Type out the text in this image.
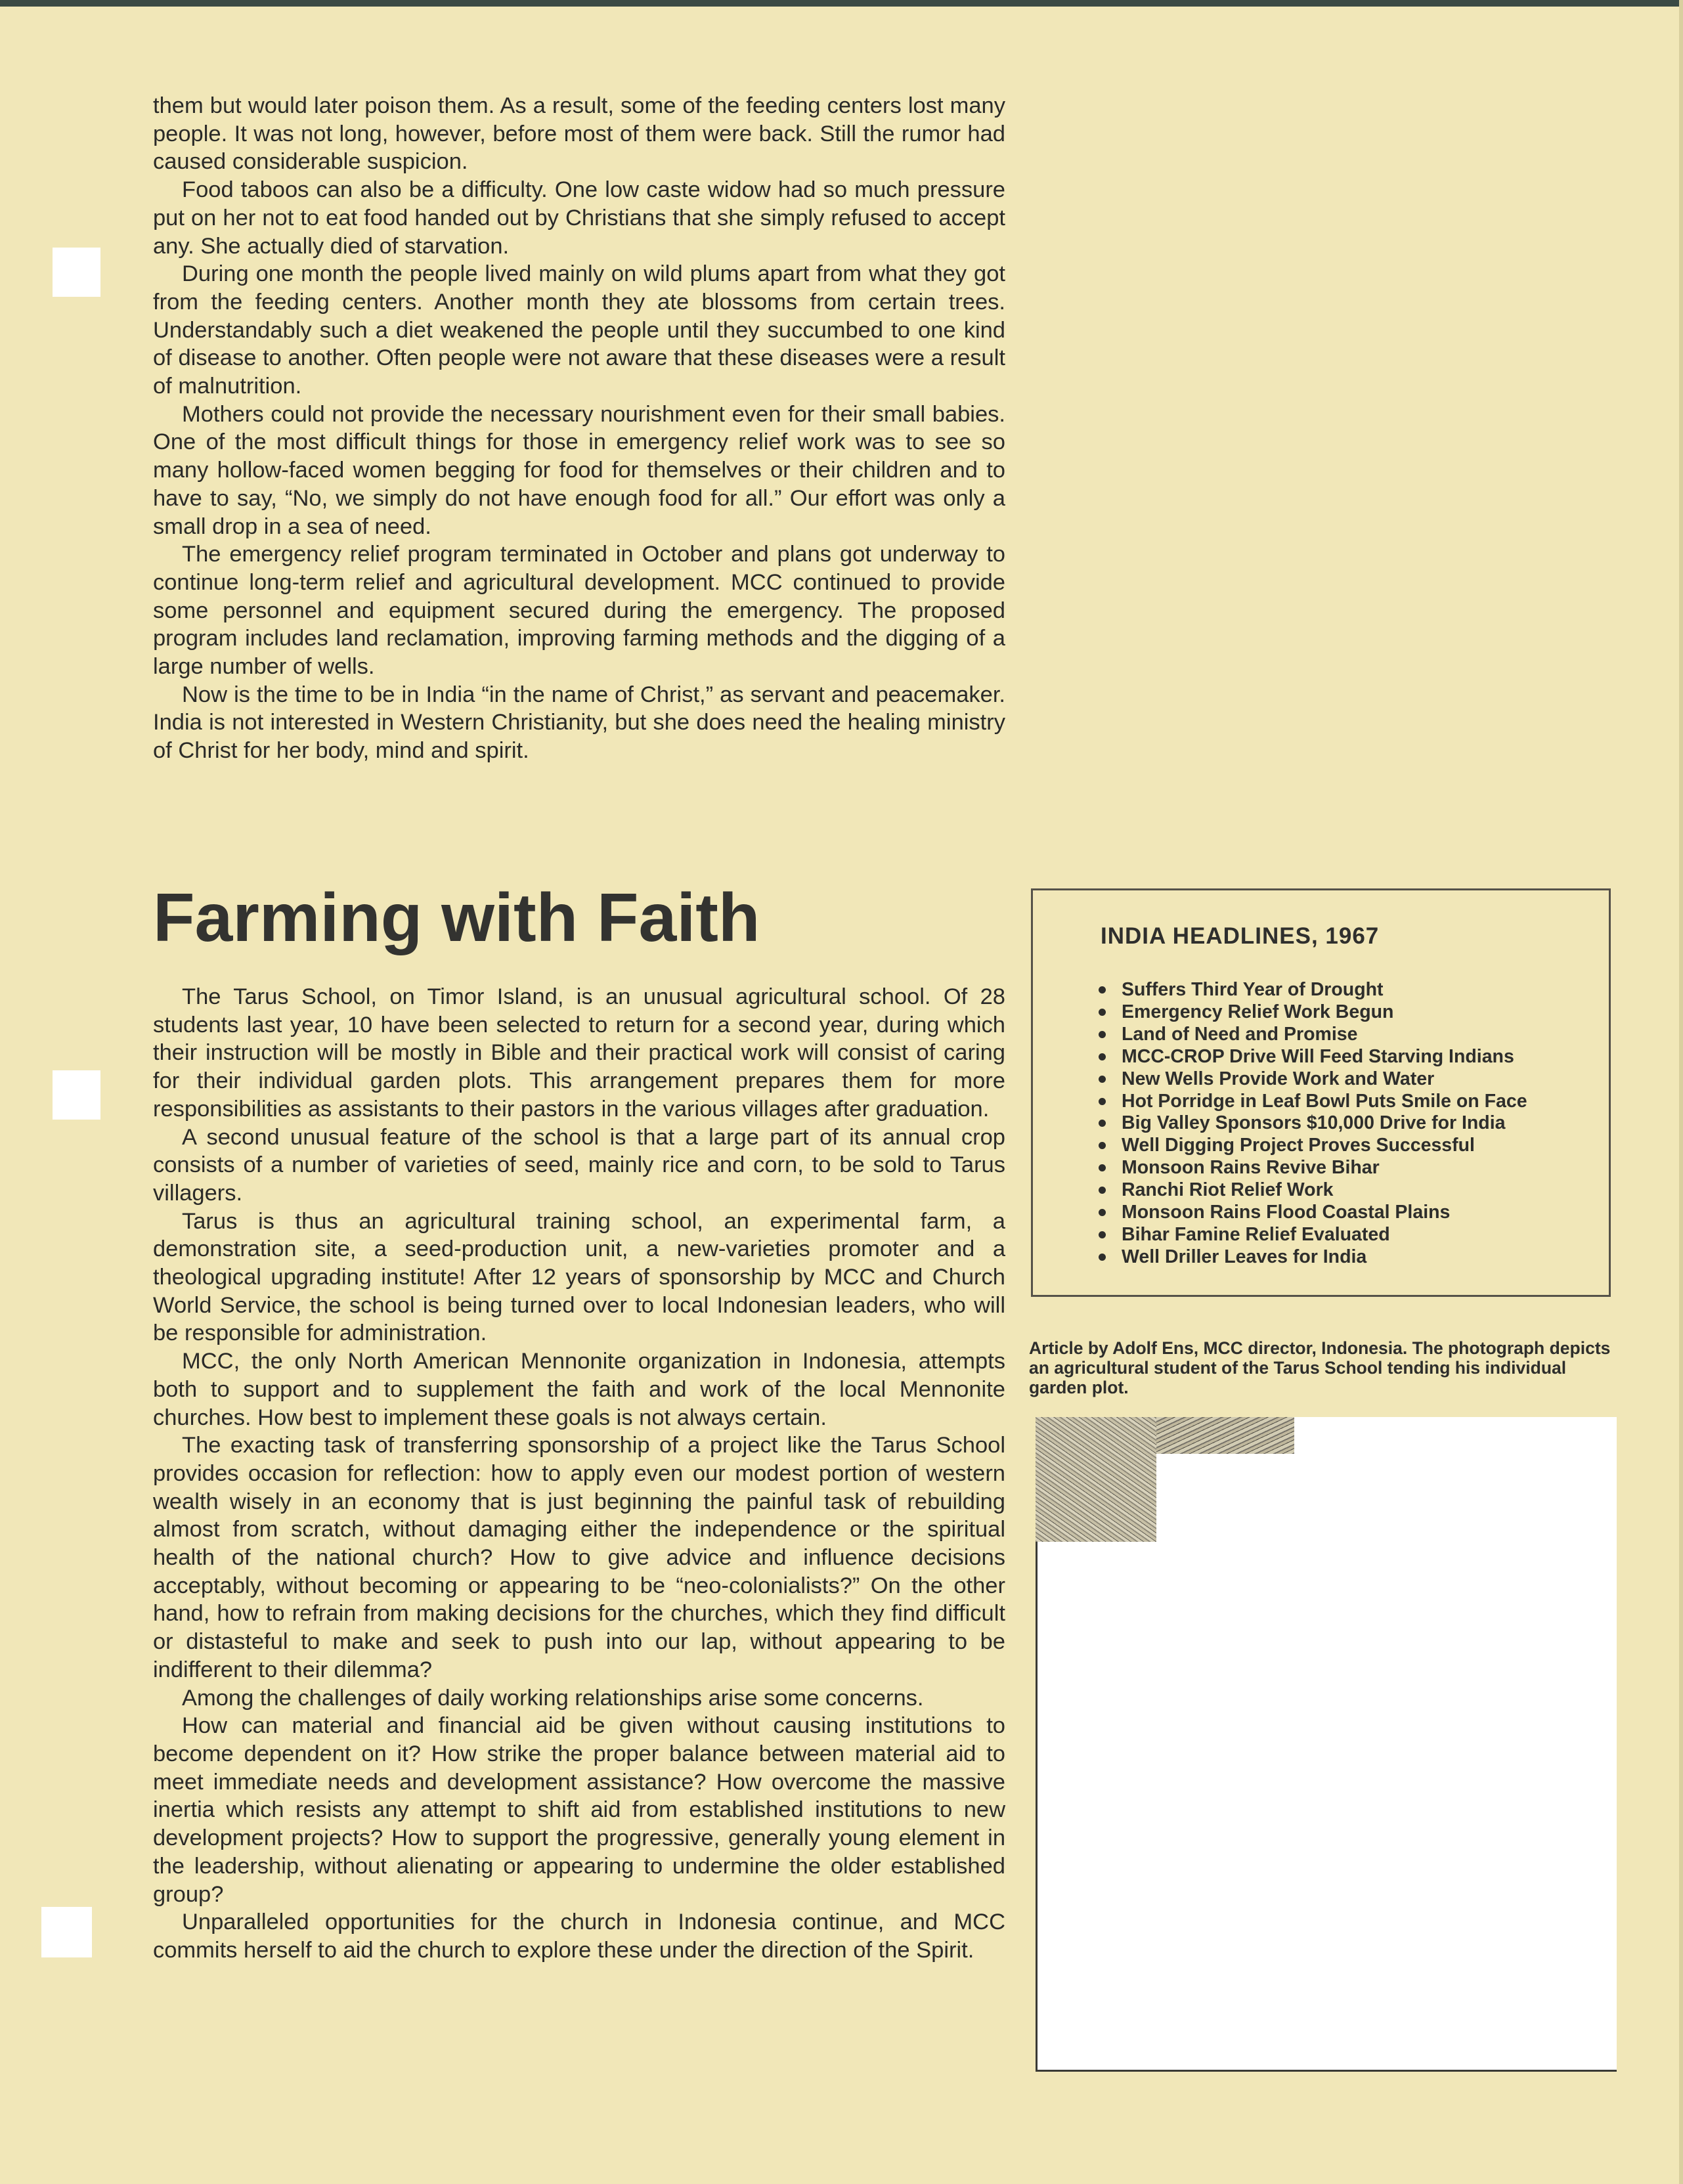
them but would later poison them. As a result, some of the feeding centers lost many people. It was not long, however, before most of them were back. Still the rumor had caused considerable suspicion.

Food taboos can also be a difficulty. One low caste widow had so much pressure put on her not to eat food handed out by Christians that she simply refused to accept any. She actually died of starvation.

During one month the people lived mainly on wild plums apart from what they got from the feeding centers. Another month they ate blossoms from certain trees. Understandably such a diet weakened the people until they succumbed to one kind of disease to another. Often people were not aware that these diseases were a result of malnutrition.

Mothers could not provide the necessary nourishment even for their small babies. One of the most difficult things for those in emergency relief work was to see so many hollow-faced women begging for food for themselves or their children and to have to say, “No, we simply do not have enough food for all.” Our effort was only a small drop in a sea of need.

The emergency relief program terminated in October and plans got underway to continue long-term relief and agricultural development. MCC continued to provide some personnel and equipment secured during the emergency. The proposed program includes land reclamation, improving farming methods and the digging of a large number of wells.

Now is the time to be in India “in the name of Christ,” as servant and peacemaker. India is not interested in Western Christianity, but she does need the healing ministry of Christ for her body, mind and spirit.

Farming with Faith

The Tarus School, on Timor Island, is an unusual agricultural school. Of 28 students last year, 10 have been selected to return for a second year, during which their instruction will be mostly in Bible and their practical work will consist of caring for their individual garden plots. This arrangement prepares them for more responsibilities as assistants to their pastors in the various villages after graduation.

A second unusual feature of the school is that a large part of its annual crop consists of a number of varieties of seed, mainly rice and corn, to be sold to Tarus villagers.

Tarus is thus an agricultural training school, an experimental farm, a demonstration site, a seed-production unit, a new-varieties promoter and a theological upgrading institute! After 12 years of sponsorship by MCC and Church World Service, the school is being turned over to local Indonesian leaders, who will be responsible for administration.

MCC, the only North American Mennonite organization in Indonesia, attempts both to support and to supplement the faith and work of the local Mennonite churches. How best to implement these goals is not always certain.

The exacting task of transferring sponsorship of a project like the Tarus School provides occasion for reflection: how to apply even our modest portion of western wealth wisely in an economy that is just beginning the painful task of rebuilding almost from scratch, without damaging either the independence or the spiritual health of the national church? How to give advice and influence decisions acceptably, without becoming or appearing to be “neo-colonialists?” On the other hand, how to refrain from making decisions for the churches, which they find difficult or distasteful to make and seek to push into our lap, without appearing to be indifferent to their dilemma?

Among the challenges of daily working relationships arise some concerns.

How can material and financial aid be given without causing institutions to become dependent on it? How strike the proper balance between material aid to meet immediate needs and development assistance? How overcome the massive inertia which resists any attempt to shift aid from established institutions to new development projects? How to support the progressive, generally young element in the leadership, without alienating or appearing to undermine the older established group?

Unparalleled opportunities for the church in Indonesia continue, and MCC commits herself to aid the church to explore these under the direction of the Spirit.

INDIA HEADLINES, 1967
Suffers Third Year of Drought
Emergency Relief Work Begun
Land of Need and Promise
MCC-CROP Drive Will Feed Starving Indians
New Wells Provide Work and Water
Hot Porridge in Leaf Bowl Puts Smile on Face
Big Valley Sponsors $10,000 Drive for India
Well Digging Project Proves Successful
Monsoon Rains Revive Bihar
Ranchi Riot Relief Work
Monsoon Rains Flood Coastal Plains
Bihar Famine Relief Evaluated
Well Driller Leaves for India

Article by Adolf Ens, MCC director, Indonesia. The photograph depicts an agricultural student of the Tarus School tending his individual garden plot.
